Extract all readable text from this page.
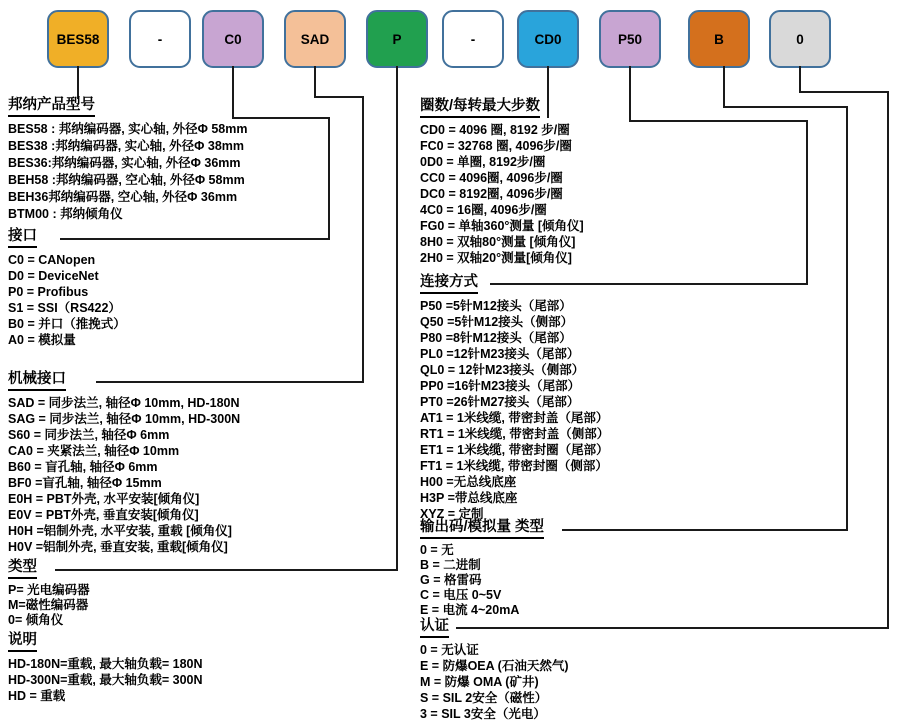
BES58	-	C0	SAD	P	-	CD0	P50	B	0
邦纳产品型号
BES58 : 邦纳编码器, 实心轴, 外径Φ 58mm
BES38 :邦纳编码器, 实心轴, 外径Φ 38mm
BES36:邦纳编码器, 实心轴, 外径Φ 36mm
BEH58 :邦纳编码器, 空心轴, 外径Φ 58mm
BEH36邦纳编码器, 空心轴, 外径Φ 36mm
BTM00 : 邦纳倾角仪
接口
C0 = CANopen
D0 = DeviceNet
P0 = Profibus
S1 = SSI（RS422）
B0 = 并口（推挽式）
A0 = 模拟量
机械接口
SAD = 同步法兰, 轴径Φ 10mm, HD-180N
SAG = 同步法兰, 轴径Φ 10mm, HD-300N
S60 = 同步法兰, 轴径Φ 6mm
CA0 = 夹紧法兰, 轴径Φ 10mm
B60 = 盲孔轴, 轴径Φ 6mm
BF0 =盲孔轴, 轴径Φ 15mm
E0H = PBT外壳, 水平安装[倾角仪]
E0V = PBT外壳, 垂直安装[倾角仪]
H0H =铝制外壳, 水平安装, 重载 [倾角仪]
H0V =铝制外壳, 垂直安装, 重载[倾角仪]
类型
P= 光电编码器
M=磁性编码器
0= 倾角仪
说明
HD-180N=重载, 最大轴负载= 180N
HD-300N=重载, 最大轴负载= 300N
HD = 重载
圈数/每转最大步数
CD0 = 4096 圈, 8192 步/圈
FC0 = 32768 圈, 4096步/圈
0D0 = 单圈, 8192步/圈
CC0 = 4096圈, 4096步/圈
DC0 = 8192圈, 4096步/圈
4C0 = 16圈, 4096步/圈
FG0 = 单轴360°测量 [倾角仪]
8H0 = 双轴80°测量 [倾角仪]
2H0 = 双轴20°测量[倾角仪]
连接方式
P50 =5针M12接头（尾部）
Q50 =5针M12接头（侧部）
P80 =8针M12接头（尾部）
PL0 =12针M23接头（尾部）
QL0 = 12针M23接头（侧部）
PP0 =16针M23接头（尾部）
PT0 =26针M27接头（尾部）
AT1 = 1米线缆, 带密封盖（尾部）
RT1 = 1米线缆, 带密封盖（侧部）
ET1 = 1米线缆, 带密封圈（尾部）
FT1 = 1米线缆, 带密封圈（侧部）
H00 =无总线底座
H3P =带总线底座
XYZ = 定制
输出码/模拟量 类型
0 = 无
B = 二进制
G = 格雷码
C = 电压 0~5V
E = 电流 4~20mA
认证
0 = 无认证
E = 防爆OEA (石油天然气)
M = 防爆 OMA (矿井)
S = SIL 2安全（磁性）
3 = SIL 3安全（光电）
